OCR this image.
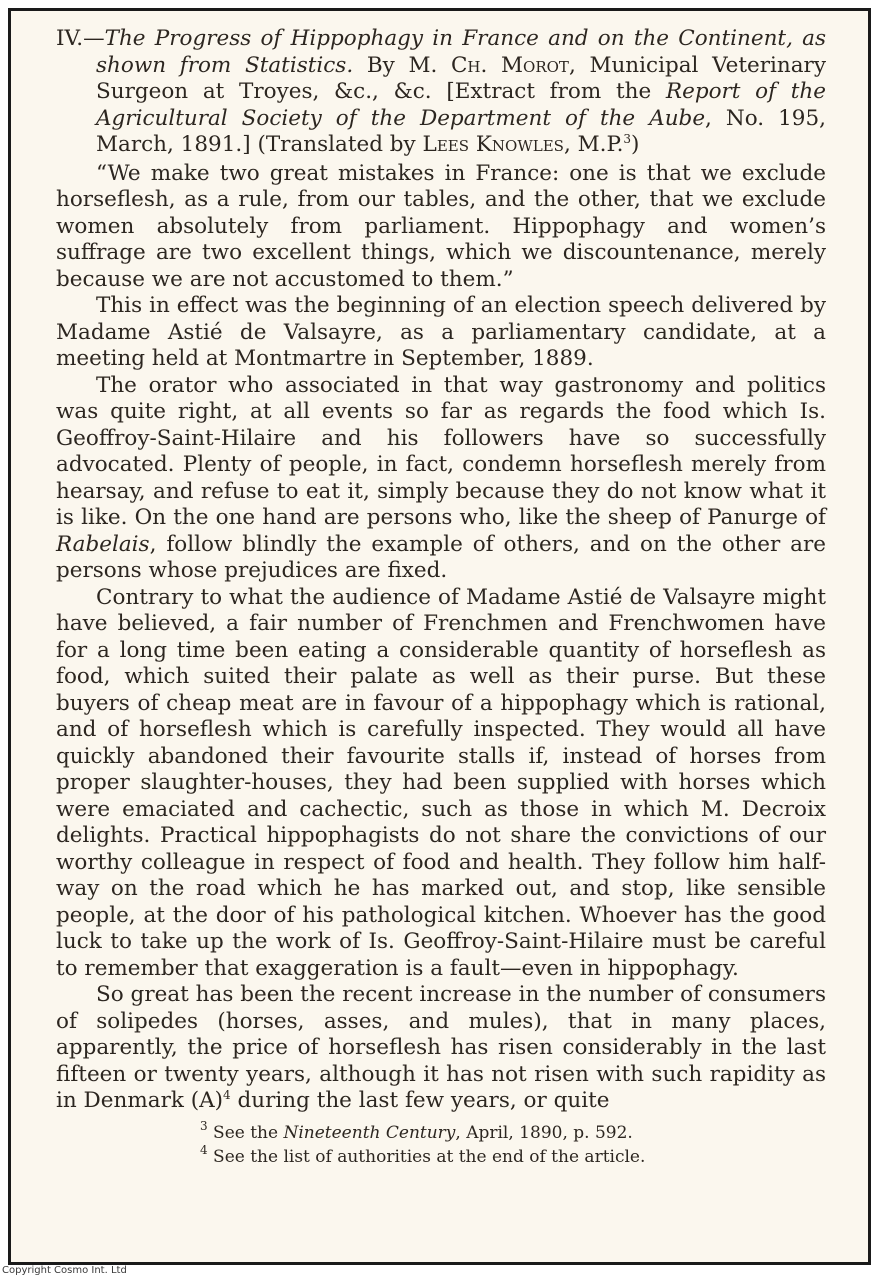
IV.—The Progress of Hippophagy in France and on the Continent, as shown from Statistics. By M. Ch. Morot, Municipal Veterinary Surgeon at Troyes, &c., &c. [Extract from the Report of the Agricultural Society of the Department of the Aube, No. 195, March, 1891.] (Translated by Lees Knowles, M.P.$^3$)

“We make two great mistakes in France: one is that we exclude horseflesh, as a rule, from our tables, and the other, that we exclude women absolutely from parliament. Hippophagy and women’s suffrage are two excellent things, which we discountenance, merely because we are not accustomed to them.”

This in effect was the beginning of an election speech delivered by Madame Astié de Valsayre, as a parliamentary candidate, at a meeting held at Montmartre in September, 1889.

The orator who associated in that way gastronomy and politics was quite right, at all events so far as regards the food which Is. Geoffroy-Saint-Hilaire and his followers have so successfully advocated. Plenty of people, in fact, condemn horseflesh merely from hearsay, and refuse to eat it, simply because they do not know what it is like. On the one hand are persons who, like the sheep of Panurge of Rabelais, follow blindly the example of others, and on the other are persons whose prejudices are fixed.

Contrary to what the audience of Madame Astié de Valsayre might have believed, a fair number of Frenchmen and Frenchwomen have for a long time been eating a considerable quantity of horseflesh as food, which suited their palate as well as their purse. But these buyers of cheap meat are in favour of a hippophagy which is rational, and of horseflesh which is carefully inspected. They would all have quickly abandoned their favourite stalls if, instead of horses from proper slaughter-houses, they had been supplied with horses which were emaciated and cachectic, such as those in which M. Decroix delights. Practical hippophagists do not share the convictions of our worthy colleague in respect of food and health. They follow him half-way on the road which he has marked out, and stop, like sensible people, at the door of his pathological kitchen. Whoever has the good luck to take up the work of Is. Geoffroy-Saint-Hilaire must be careful to remember that exaggeration is a fault—even in hippophagy.

So great has been the recent increase in the number of consumers of solipedes (horses, asses, and mules), that in many places, apparently, the price of horseflesh has risen considerably in the last fifteen or twenty years, although it has not risen with such rapidity as in Denmark $(A)^4$ during the last few years, or quite

$^3$ See the Nineteenth Century, April, 1890, p. 592.

$^4$ See the list of authorities at the end of the article.

Copyright Cosmo Int. Ltd
